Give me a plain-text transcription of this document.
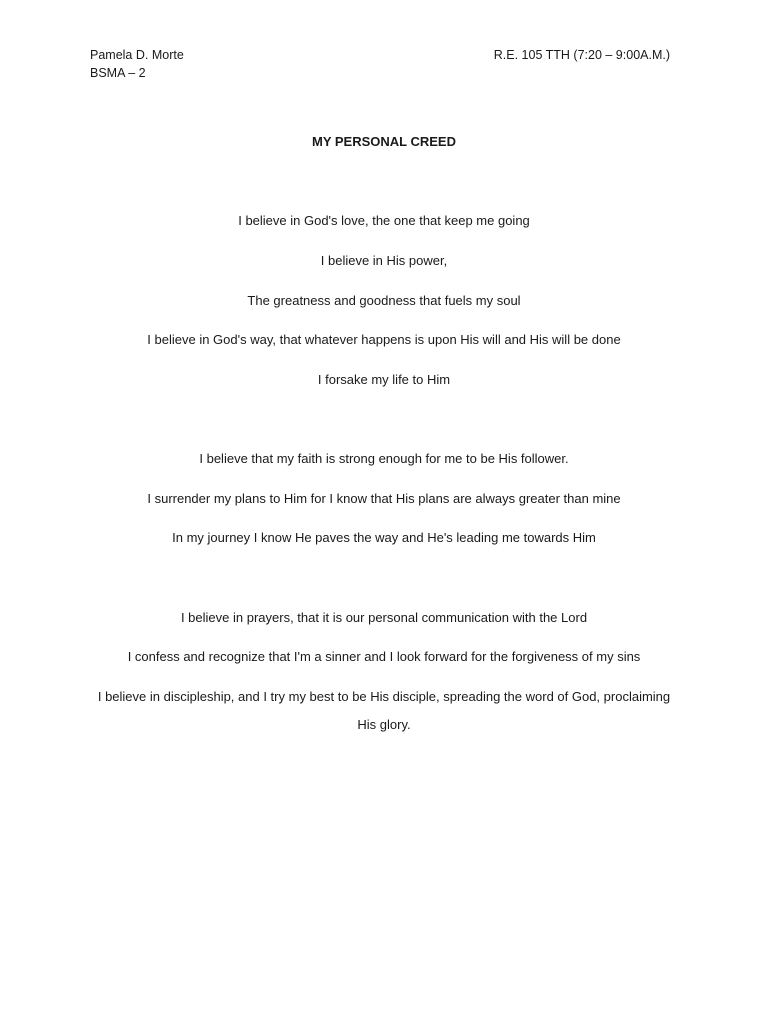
Pamela D. Morte
BSMA – 2
R.E. 105 TTH (7:20 – 9:00A.M.)
MY PERSONAL CREED
I believe in God's love, the one that keep me going
I believe in His power,
The greatness and goodness that fuels my soul
I believe in God's way, that whatever happens is upon His will and His will be done
I forsake my life to Him
I believe that my faith is strong enough for me to be His follower.
I surrender my plans to Him for I know that His plans are always greater than mine
In my journey I know He paves the way and He's leading me towards Him
I believe in prayers, that it is our personal communication with the Lord
I confess and recognize that I'm a sinner and I look forward for the forgiveness of my sins
I believe in discipleship, and I try my best to be His disciple, spreading the word of God, proclaiming His glory.
